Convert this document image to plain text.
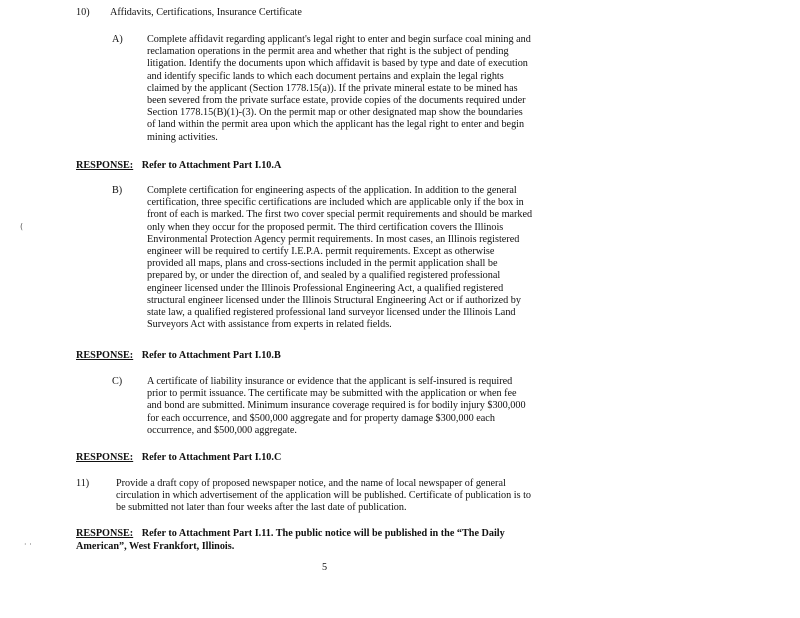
10) Affidavits, Certifications, Insurance Certificate
A) Complete affidavit regarding applicant's legal right to enter and begin surface coal mining and

reclamation operations in the permit area and whether that right is the subject of pending

litigation. Identify the documents upon which affidavit is based by type and date of execution

and identify specific lands to which each document pertains and explain the legal rights

claimed by the applicant (Section 1778.15(a)). If the private mineral estate to be mined has

been severed from the private surface estate, provide copies of the documents required under

Section 1778.15(B)(1)-(3). On the permit map or other designated map show the boundaries

of land within the permit area upon which the applicant has the legal right to enter and begin

mining activities.

RESPONSE: Refer to Attachment Part I.10.A
B) Complete certification for engineering aspects of the application. In addition to the general

certification, three specific certifications are included which are applicable only if the box in

front of each is marked. The first two cover special permit requirements and should be marked

only when they occur for the proposed permit. The third certification covers the Illinois

Environmental Protection Agency permit requirements. In most cases, an Illinois registered

engineer will be required to certify I.E.P.A. permit requirements. Except as otherwise

provided all maps, plans and cross-sections included in the permit application shall be

prepared by, or under the direction of, and sealed by a qualified registered professional

engineer licensed under the Illinois Professional Engineering Act, a qualified registered

structural engineer licensed under the Illinois Structural Engineering Act or if authorized by

state law, a qualified registered professional land surveyor licensed under the Illinois Land

Surveyors Act with assistance from experts in related fields.

(
RESPONSE: Refer to Attachment Part I.10.B
C) A certificate of liability insurance or evidence that the applicant is self-insured is required

prior to permit issuance. The certificate may be submitted with the application or when fee

and bond are submitted. Minimum insurance coverage required is for bodily injury $300,000

for each occurrence, and $500,000 aggregate and for property damage $300,000 each

occurrence, and $500,000 aggregate.

RESPONSE: Refer to Attachment Part I.10.C
11)	Provide a draft copy of proposed newspaper notice, and the name of local newspaper of general

circulation in which advertisement of the application will be published. Certificate of publication is to

be submitted not later than four weeks after the last date of publication.

RESPONSE: Refer to Attachment Part I.11. The public notice will be published in the “The Daily
American”, West Frankfort, Illinois.
· ·
5
